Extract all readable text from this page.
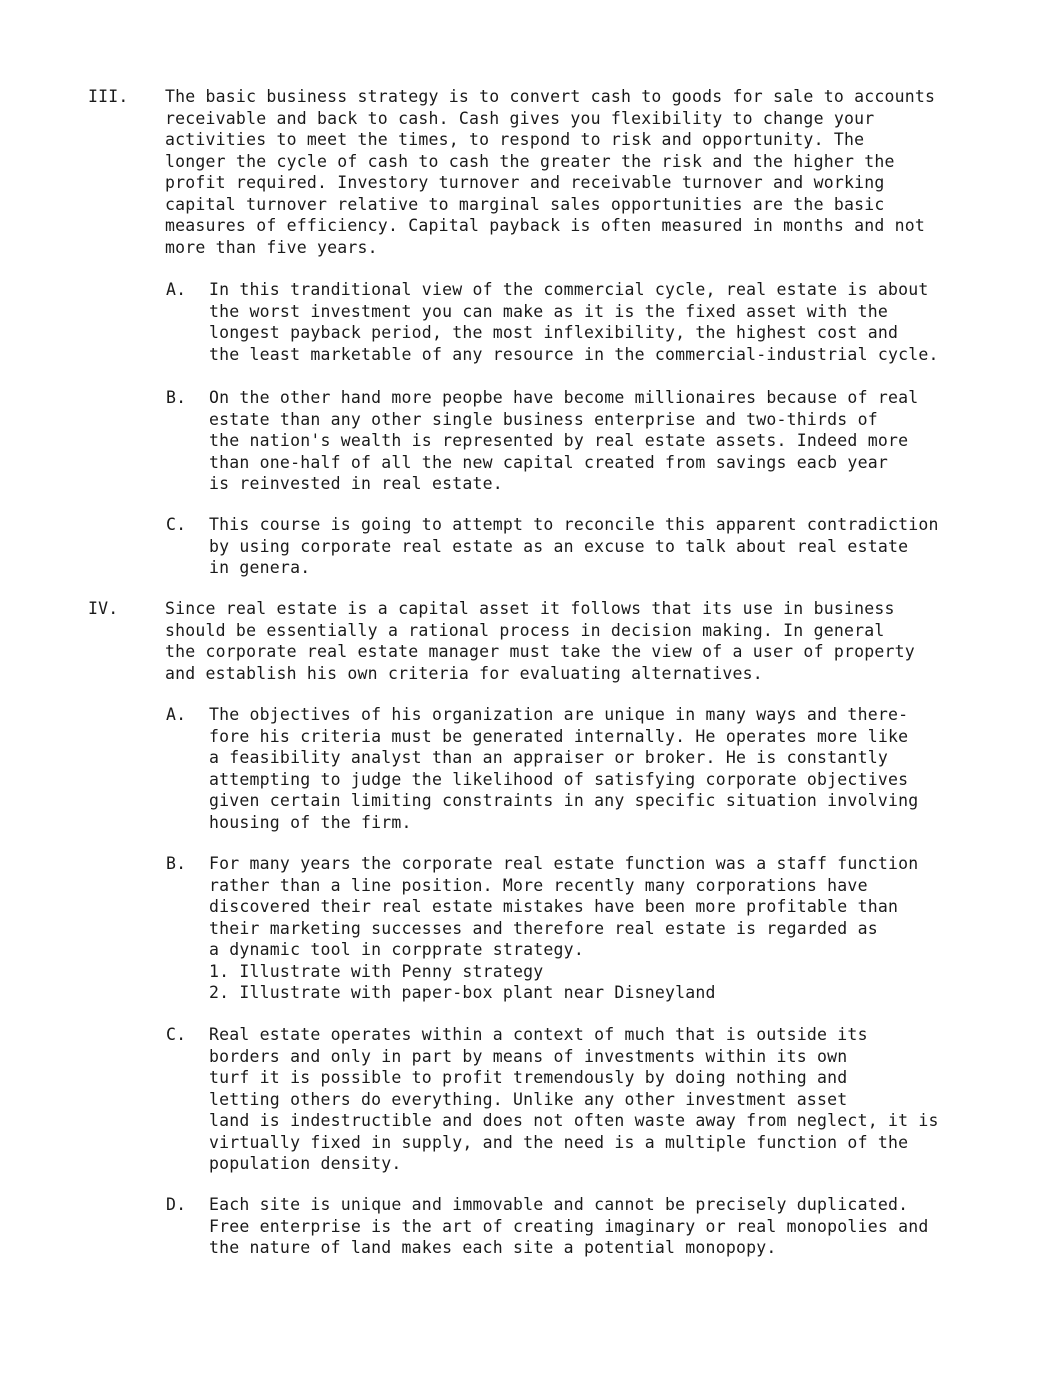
III. The basic business strategy is to convert cash to goods for sale to accounts
receivable and back to cash. Cash gives you flexibility to change your
activities to meet the times, to respond to risk and opportunity. The
longer the cycle of cash to cash the greater the risk and the higher the
profit required. Investory turnover and receivable turnover and working
capital turnover relative to marginal sales opportunities are the basic
measures of efficiency. Capital payback is often measured in months and not
more than five years.
A. In this tranditional view of the commercial cycle, real estate is about
the worst investment you can make as it is the fixed asset with the
longest payback period, the most inflexibility, the highest cost and
the least marketable of any resource in the commercial-industrial cycle.
B. On the other hand more peopbe have become millionaires because of real
estate than any other single business enterprise and two-thirds of
the nation's wealth is represented by real estate assets. Indeed more
than one-half of all the new capital created from savings eacb year
is reinvested in real estate.
C. This course is going to attempt to reconcile this apparent contradiction
by using corporate real estate as an excuse to talk about real estate
in genera.
IV.	Since real estate is a capital asset it follows that its use in business
should be essentially a rational process in decision making. In general
the corporate real estate manager must take the view of a user of property
and establish his own criteria for evaluating alternatives.
A. The objectives of his organization are unique in many ways and there-
fore his criteria must be generated internally. He operates more like
a feasibility analyst than an appraiser or broker. He is constantly
attempting to judge the likelihood of satisfying corporate objectives
given certain limiting constraints in any specific situation involving
housing of the firm.
B. For many years the corporate real estate function was a staff function
rather than a line position. More recently many corporations have
discovered their real estate mistakes have been more profitable than
their marketing successes and therefore real estate is regarded as
a dynamic tool in corpprate strategy.
1. Illustrate with Penny strategy
2. Illustrate with paper-box plant near Disneyland
C. Real estate operates within a context of much that is outside its
borders and only in part by means of investments within its own
turf it is possible to profit tremendously by doing nothing and
letting others do everything. Unlike any other investment asset
land is indestructible and does not often waste away from neglect, it is
virtually fixed in supply, and the need is a multiple function of the
population density.
D. Each site is unique and immovable and cannot be precisely duplicated.
Free enterprise is the art of creating imaginary or real monopolies and
the nature of land makes each site a potential monopopy.
